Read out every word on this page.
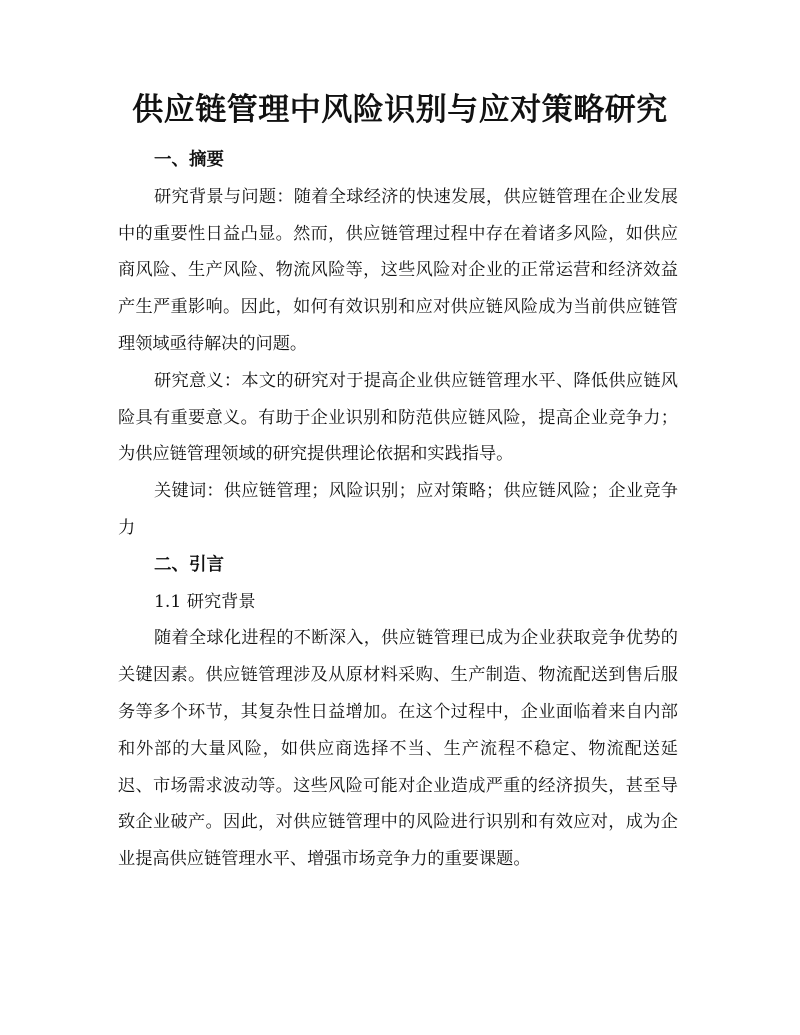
供应链管理中风险识别与应对策略研究

一、摘要

研究背景与问题：随着全球经济的快速发展，供应链管理在企业发展中的重要性日益凸显。然而，供应链管理过程中存在着诸多风险，如供应商风险、生产风险、物流风险等，这些风险对企业的正常运营和经济效益产生严重影响。因此，如何有效识别和应对供应链风险成为当前供应链管理领域亟待解决的问题。

研究意义：本文的研究对于提高企业供应链管理水平、降低供应链风险具有重要意义。有助于企业识别和防范供应链风险，提高企业竞争力；为供应链管理领域的研究提供理论依据和实践指导。

关键词：供应链管理；风险识别；应对策略；供应链风险；企业竞争力

二、引言

1.1 研究背景

随着全球化进程的不断深入，供应链管理已成为企业获取竞争优势的关键因素。供应链管理涉及从原材料采购、生产制造、物流配送到售后服务等多个环节，其复杂性日益增加。在这个过程中，企业面临着来自内部和外部的大量风险，如供应商选择不当、生产流程不稳定、物流配送延迟、市场需求波动等。这些风险可能对企业造成严重的经济损失，甚至导致企业破产。因此，对供应链管理中的风险进行识别和有效应对，成为企业提高供应链管理水平、增强市场竞争力的重要课题。
